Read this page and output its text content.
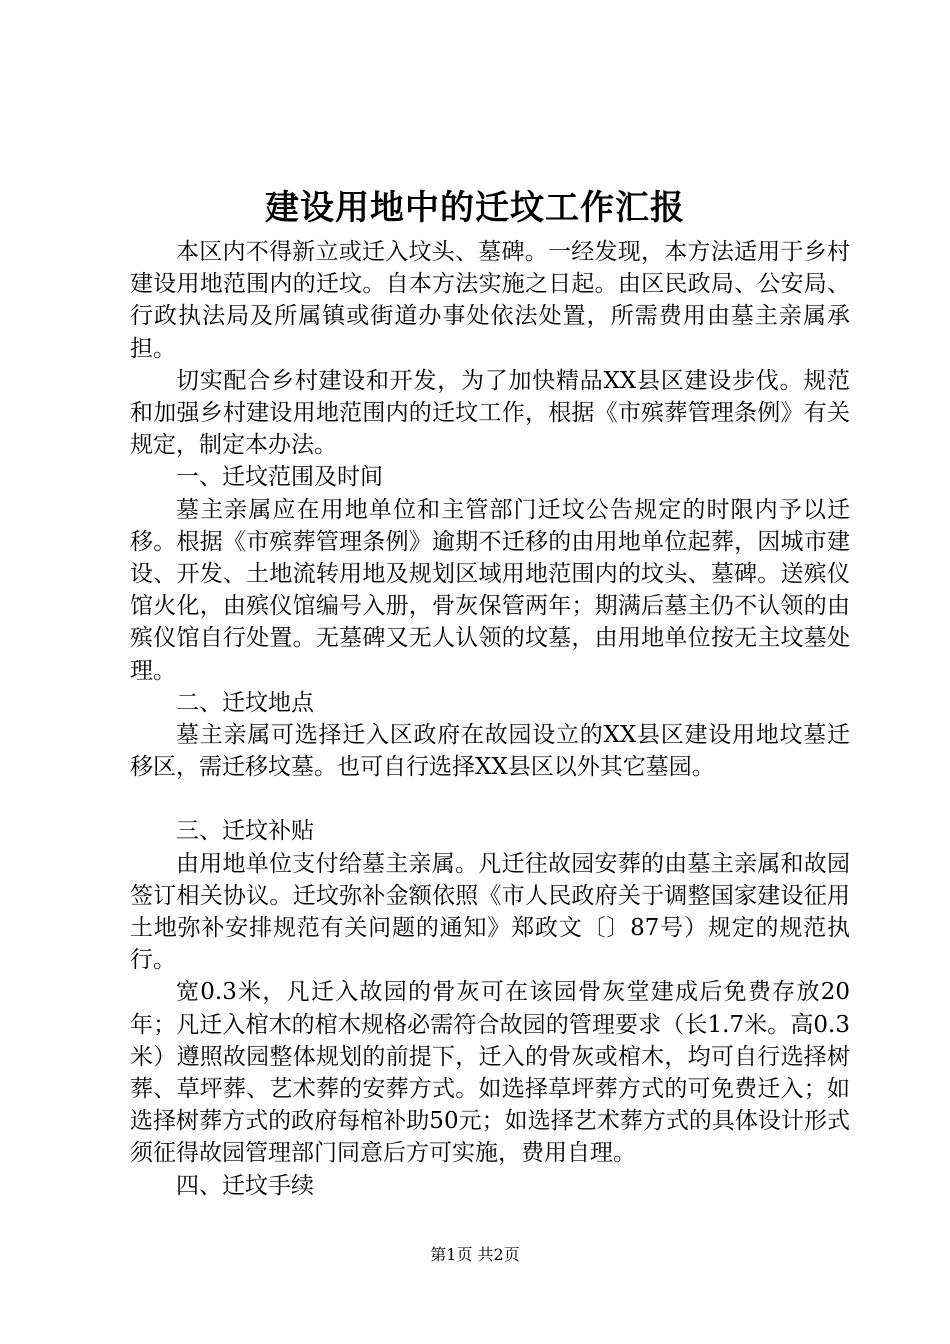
建设用地中的迁坟工作汇报

本区内不得新立或迁入坟头、墓碑。一经发现，本方法适用于乡村建设用地范围内的迁坟。自本方法实施之日起。由区民政局、公安局、行政执法局及所属镇或街道办事处依法处置，所需费用由墓主亲属承担。

切实配合乡村建设和开发，为了加快精品XX县区建设步伐。规范和加强乡村建设用地范围内的迁坟工作，根据《市殡葬管理条例》有关规定，制定本办法。

一、迁坟范围及时间

墓主亲属应在用地单位和主管部门迁坟公告规定的时限内予以迁移。根据《市殡葬管理条例》逾期不迁移的由用地单位起葬，因城市建设、开发、土地流转用地及规划区域用地范围内的坟头、墓碑。送殡仪馆火化，由殡仪馆编号入册，骨灰保管两年；期满后墓主仍不认领的由殡仪馆自行处置。无墓碑又无人认领的坟墓，由用地单位按无主坟墓处理。

二、迁坟地点

墓主亲属可选择迁入区政府在故园设立的XX县区建设用地坟墓迁移区，需迁移坟墓。也可自行选择XX县区以外其它墓园。

三、迁坟补贴

由用地单位支付给墓主亲属。凡迁往故园安葬的由墓主亲属和故园签订相关协议。迁坟弥补金额依照《市人民政府关于调整国家建设征用土地弥补安排规范有关问题的通知》郑政文〔〕87号）规定的规范执行。

宽0.3米，凡迁入故园的骨灰可在该园骨灰堂建成后免费存放20年；凡迁入棺木的棺木规格必需符合故园的管理要求（长1.7米。高0.3米）遵照故园整体规划的前提下，迁入的骨灰或棺木，均可自行选择树葬、草坪葬、艺术葬的安葬方式。如选择草坪葬方式的可免费迁入；如选择树葬方式的政府每棺补助50元；如选择艺术葬方式的具体设计形式须征得故园管理部门同意后方可实施，费用自理。

四、迁坟手续

第1页 共2页
